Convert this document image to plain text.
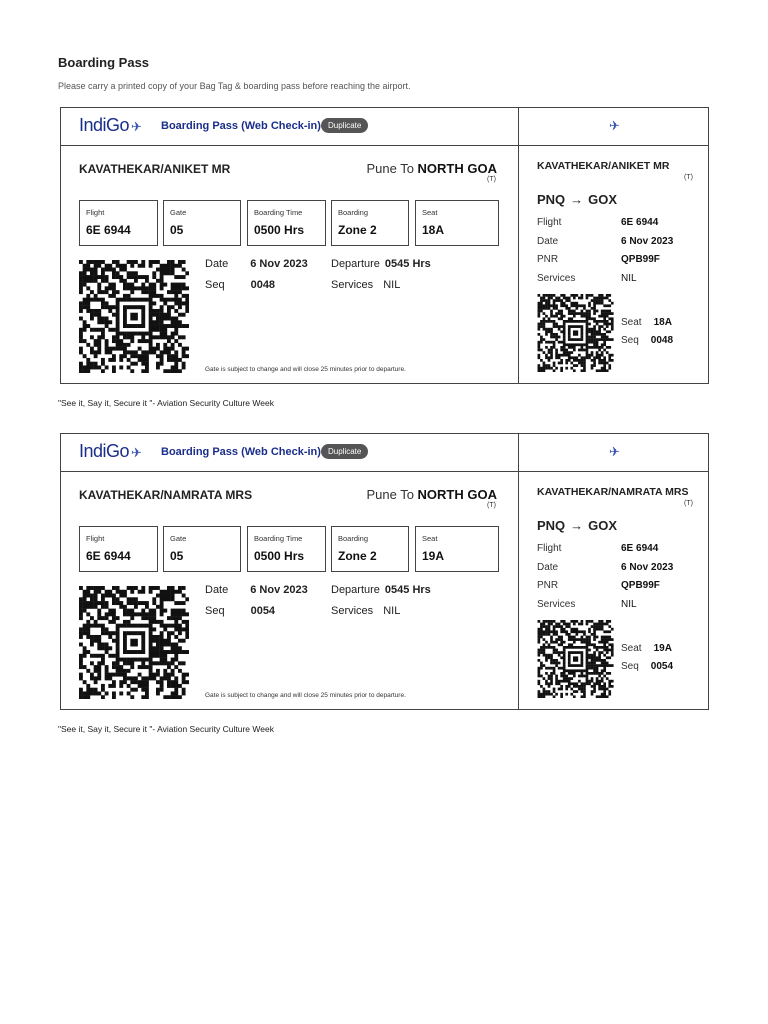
Boarding Pass
Please carry a printed copy of your Bag Tag & boarding pass before reaching the airport.
IndiGo ✈ Boarding Pass (Web Check-in) Duplicate	✈
KAVATHEKAR/ANIKET MR	Pune To NORTH GOA
(T)
Flight
6E 6944
Gate
05
Boarding Time
0500 Hrs
Boarding
Zone 2
Seat
18A
Date 6 Nov 2023
Seq 0048
Departure 0545 Hrs
Services NIL
Gate is subject to change and will close 25 minutes prior to departure.
KAVATHEKAR/ANIKET MR
(T)
PNQ → GOX
Flight	6E 6944
Date	6 Nov 2023
PNR	QPB99F
Services	NIL
Seat 18A
Seq 0048
"See it, Say it, Secure it "- Aviation Security Culture Week
IndiGo ✈ Boarding Pass (Web Check-in) Duplicate	✈
KAVATHEKAR/NAMRATA MRS	Pune To NORTH GOA
(T)
Flight
6E 6944
Gate
05
Boarding Time
0500 Hrs
Boarding
Zone 2
Seat
19A
Date 6 Nov 2023
Seq 0054
Departure 0545 Hrs
Services NIL
Gate is subject to change and will close 25 minutes prior to departure.
KAVATHEKAR/NAMRATA MRS
(T)
PNQ → GOX
Flight	6E 6944
Date	6 Nov 2023
PNR	QPB99F
Services	NIL
Seat 19A
Seq 0054
"See it, Say it, Secure it "- Aviation Security Culture Week
